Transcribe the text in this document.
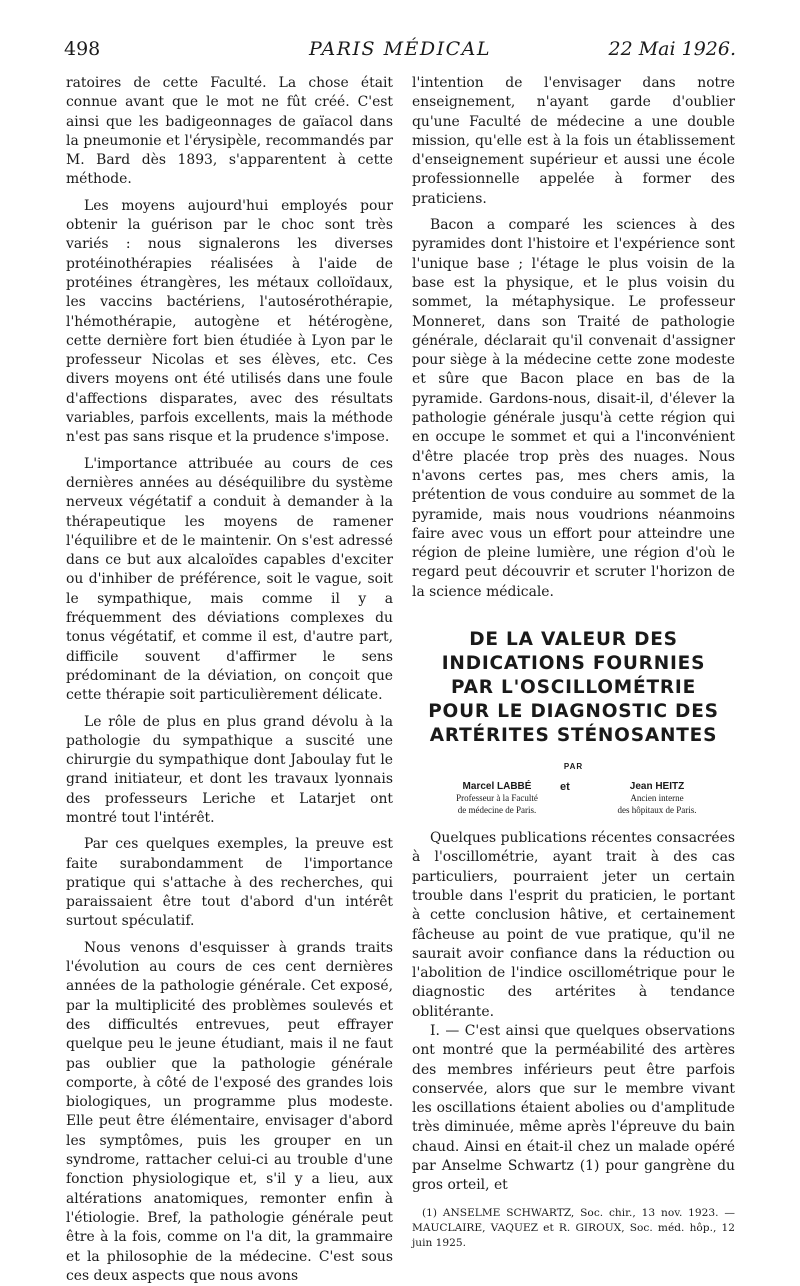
498	PARIS MÉDICAL	22 Mai 1926.

ratoires de cette Faculté. La chose était connue avant que le mot ne fût créé. C'est ainsi que les badigeonnages de gaïacol dans la pneumonie et l'érysipèle, recommandés par M. Bard dès 1893, s'apparentent à cette méthode.

Les moyens aujourd'hui employés pour obtenir la guérison par le choc sont très variés : nous signalerons les diverses protéinothérapies réalisées à l'aide de protéines étrangères, les métaux colloïdaux, les vaccins bactériens, l'autosérothérapie, l'hémothérapie, autogène et hétérogène, cette dernière fort bien étudiée à Lyon par le professeur Nicolas et ses élèves, etc. Ces divers moyens ont été utilisés dans une foule d'affections disparates, avec des résultats variables, parfois excellents, mais la méthode n'est pas sans risque et la prudence s'impose.

L'importance attribuée au cours de ces dernières années au déséquilibre du système nerveux végétatif a conduit à demander à la thérapeutique les moyens de ramener l'équilibre et de le maintenir. On s'est adressé dans ce but aux alcaloïdes capables d'exciter ou d'inhiber de préférence, soit le vague, soit le sympathique, mais comme il y a fréquemment des déviations complexes du tonus végétatif, et comme il est, d'autre part, difficile souvent d'affirmer le sens prédominant de la déviation, on conçoit que cette thérapie soit particulièrement délicate.

Le rôle de plus en plus grand dévolu à la pathologie du sympathique a suscité une chirurgie du sympathique dont Jaboulay fut le grand initiateur, et dont les travaux lyonnais des professeurs Leriche et Latarjet ont montré tout l'intérêt.

Par ces quelques exemples, la preuve est faite surabondamment de l'importance pratique qui s'attache à des recherches, qui paraissaient être tout d'abord d'un intérêt surtout spéculatif.

Nous venons d'esquisser à grands traits l'évolution au cours de ces cent dernières années de la pathologie générale. Cet exposé, par la multiplicité des problèmes soulevés et des difficultés entrevues, peut effrayer quelque peu le jeune étudiant, mais il ne faut pas oublier que la pathologie générale comporte, à côté de l'exposé des grandes lois biologiques, un programme plus modeste. Elle peut être élémentaire, envisager d'abord les symptômes, puis les grouper en un syndrome, rattacher celui-ci au trouble d'une fonction physiologique et, s'il y a lieu, aux altérations anatomiques, remonter enfin à l'étiologie. Bref, la pathologie générale peut être à la fois, comme on l'a dit, la grammaire et la philosophie de la médecine. C'est sous ces deux aspects que nous avons

l'intention de l'envisager dans notre enseignement, n'ayant garde d'oublier qu'une Faculté de médecine a une double mission, qu'elle est à la fois un établissement d'enseignement supérieur et aussi une école professionnelle appelée à former des praticiens.

Bacon a comparé les sciences à des pyramides dont l'histoire et l'expérience sont l'unique base ; l'étage le plus voisin de la base est la physique, et le plus voisin du sommet, la métaphysique. Le professeur Monneret, dans son Traité de pathologie générale, déclarait qu'il convenait d'assigner pour siège à la médecine cette zone modeste et sûre que Bacon place en bas de la pyramide. Gardons-nous, disait-il, d'élever la pathologie générale jusqu'à cette région qui en occupe le sommet et qui a l'inconvénient d'être placée trop près des nuages. Nous n'avons certes pas, mes chers amis, la prétention de vous conduire au sommet de la pyramide, mais nous voudrions néanmoins faire avec vous un effort pour atteindre une région de pleine lumière, une région d'où le regard peut découvrir et scruter l'horizon de la science médicale.

DE LA VALEUR DES
INDICATIONS FOURNIES
PAR L'OSCILLOMÉTRIE
POUR LE DIAGNOSTIC DES
ARTÉRITES STÉNOSANTES
PAR
Marcel LABBÉ
Professeur à la Faculté
de médecine de Paris.
et	Jean HEITZ
Ancien interne
des hôpitaux de Paris.

Quelques publications récentes consacrées à l'oscillométrie, ayant trait à des cas particuliers, pourraient jeter un certain trouble dans l'esprit du praticien, le portant à cette conclusion hâtive, et certainement fâcheuse au point de vue pratique, qu'il ne saurait avoir confiance dans la réduction ou l'abolition de l'indice oscillométrique pour le diagnostic des artérites à tendance oblitérante.

I. — C'est ainsi que quelques observations ont montré que la perméabilité des artères des membres inférieurs peut être parfois conservée, alors que sur le membre vivant les oscillations étaient abolies ou d'amplitude très diminuée, même après l'épreuve du bain chaud. Ainsi en était-il chez un malade opéré par Anselme Schwartz (1) pour gangrène du gros orteil, et

(1) ANSELME SCHWARTZ, Soc. chir., 13 nov. 1923. — MAUCLAIRE, VAQUEZ et R. GIROUX, Soc. méd. hôp., 12 juin 1925.
